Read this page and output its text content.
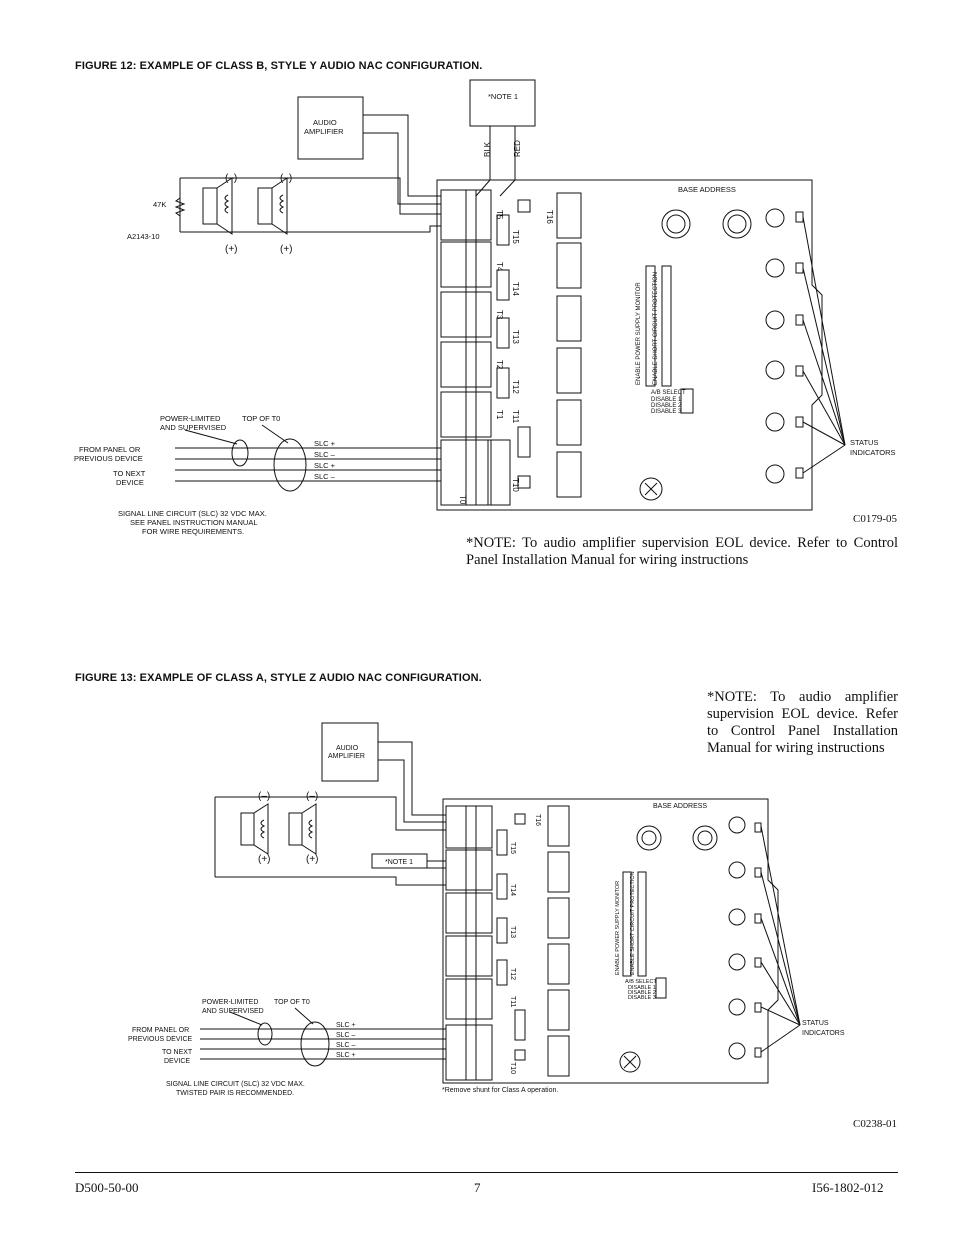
FIGURE 12: EXAMPLE OF CLASS B, STYLE Y AUDIO NAC CONFIGURATION.
FIGURE 13: EXAMPLE OF CLASS A, STYLE Z AUDIO NAC CONFIGURATION.
*NOTE: To audio amplifier supervision EOL device. Refer to Control Panel Installation Manual for wiring instructions
*NOTE: To audio amplifier supervision EOL device. Refer to Control Panel Installation Manual for wiring instructions
C0179-05
C0238-01
D500-50-00	7	I56-1802-012
AUDIO
AMPLIFIER
*NOTE 1
47K
A2143-10
(–)	(–)
(+)	(+)
BASE ADDRESS
POWER-LIMITED
AND SUPERVISED
TOP OF T0
FROM PANEL OR
PREVIOUS DEVICE
TO NEXT
DEVICE
SLC +
SLC –
SLC +
SLC –
SIGNAL LINE CIRCUIT (SLC) 32 VDC MAX.
SEE PANEL INSTRUCTION MANUAL
FOR WIRE REQUIREMENTS.
STATUS
INDICATORS
A/B SELECT
DISABLE 1
DISABLE 2
DISABLE 3
BLK	RED
ENABLE POWER SUPPLY MONITOR ENABLE SHORT CIRCUIT PROTECTION
T16
T15
T14
T13
T12
T11
T10
T5
T4
T3
T2
T1
T0
AUDIO
AMPLIFIER
*NOTE 1
(–)	(–)
(+)	(+)
BASE ADDRESS
POWER-LIMITED
AND SUPERVISED
TOP OF T0
FROM PANEL OR
PREVIOUS DEVICE
TO NEXT
DEVICE
SLC +
SLC –
SLC –
SLC +
SIGNAL LINE CIRCUIT (SLC) 32 VDC MAX.
TWISTED PAIR IS RECOMMENDED.	*Remove shunt for Class A operation.
STATUS
INDICATORS
A/B SELECT
DISABLE 1
DISABLE 2
DISABLE 3
ENABLE POWER SUPPLY MONITOR ENABLE SHORT CIRCUIT PROTECTION
T16
T15
T14
T13
T12
T11
T10
